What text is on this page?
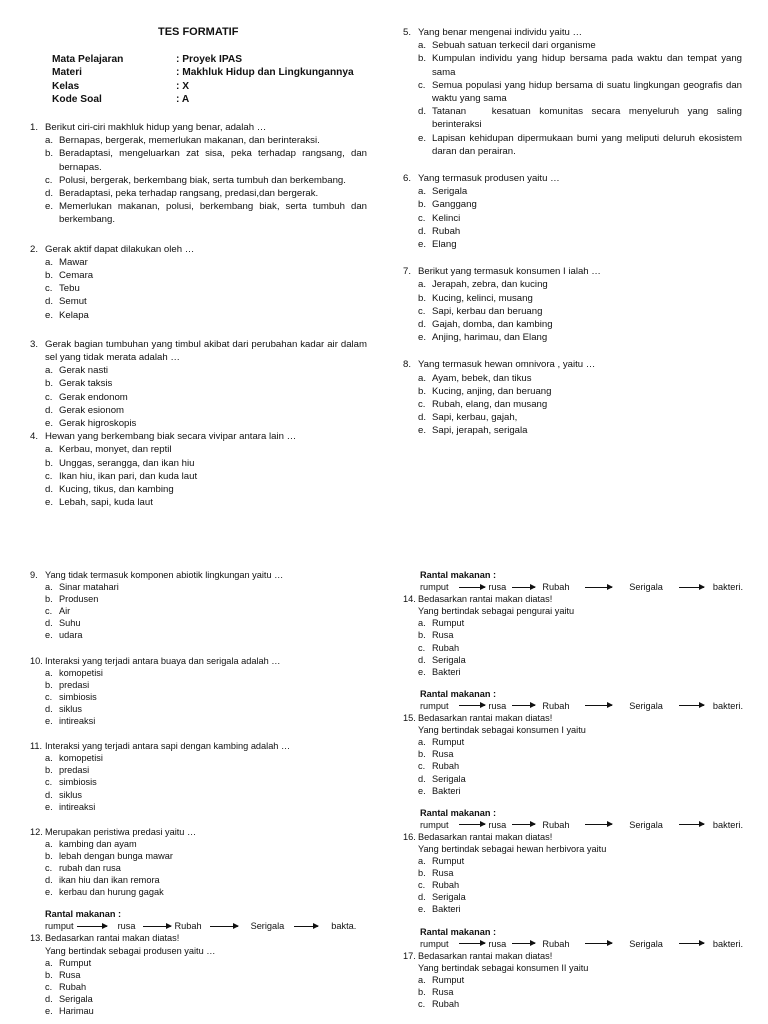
TES FORMATIF
Mata Pelajaran	: Proyek IPAS
Materi	: Makhluk Hidup dan Lingkungannya
Kelas	: X
Kode Soal	: A
1. Berikut ciri-ciri makhluk hidup yang benar, adalah …
a. Bernapas, bergerak, memerlukan makanan, dan berinteraksi.
b. Beradaptasi, mengeluarkan zat sisa, peka terhadap rangsang, dan bernapas.
c. Polusi, bergerak, berkembang biak, serta tumbuh dan berkembang.
d. Beradaptasi, peka terhadap rangsang, predasi,dan bergerak.
e. Memerlukan makanan, polusi, berkembang biak, serta tumbuh dan berkembang.
2. Gerak aktif dapat dilakukan oleh …
a. Mawar
b. Cemara
c. Tebu
d. Semut
e. Kelapa
3. Gerak bagian tumbuhan yang timbul akibat dari perubahan kadar air dalam sel yang tidak merata adalah …
a. Gerak nasti
b. Gerak taksis
c. Gerak endonom
d. Gerak esionom
e. Gerak higroskopis
4. Hewan yang berkembang biak secara vivipar antara lain …
a. Kerbau, monyet, dan reptil
b. Unggas, serangga, dan ikan hiu
c. Ikan hiu, ikan pari, dan kuda laut
d. Kucing, tikus, dan kambing
e. Lebah, sapi, kuda laut
5. Yang benar mengenai individu yaitu …
a. Sebuah satuan terkecil dari organisme
b. Kumpulan individu yang hidup bersama pada waktu dan tempat yang sama
c. Semua populasi yang hidup bersama di suatu lingkungan geografis dan waktu yang sama
d. Tatanan   kesatuan komunitas secara menyeluruh yang saling berinteraksi
e. Lapisan kehidupan dipermukaan bumi yang meliputi deluruh ekosistem daran dan perairan.
6. Yang termasuk produsen yaitu …
a. Serigala
b. Ganggang
c. Kelinci
d. Rubah
e. Elang
7. Berikut yang termasuk konsumen I ialah …
a. Jerapah, zebra, dan kucing
b. Kucing, kelinci, musang
c. Sapi, kerbau dan beruang
d. Gajah, domba, dan kambing
e. Anjing, harimau, dan Elang
8. Yang termasuk hewan omnivora , yaitu …
a. Ayam, bebek, dan tikus
b. Kucing, anjing, dan beruang
c. Rubah, elang, dan musang
d. Sapi, kerbau, gajah,
e. Sapi, jerapah, serigala
9. Yang tidak termasuk komponen abiotik lingkungan yaitu …
a. Sinar matahari
b. Produsen
c. Air
d. Suhu
e. udara
10. Interaksi yang terjadi antara buaya dan serigala adalah …
a. komopetisi
b. predasi
c. simbiosis
d. siklus
e. intireaksi
11. Interaksi yang terjadi antara sapi dengan kambing adalah …
a. komopetisi
b. predasi
c. simbiosis
d. siklus
e. intireaksi
12. Merupakan peristiwa predasi yaitu …
a. kambing dan ayam
b. lebah dengan bunga mawar
c. rubah dan rusa
d. ikan hiu dan ikan remora
e. kerbau dan hurung gagak
Rantal makanan :
rumput	rusa	Rubah	Serigala	bakta.
13. Bedasarkan rantai makan diatas!
Yang bertindak sebagai produsen yaitu …
a. Rumput
b. Rusa
c. Rubah
d. Serigala
e. Harimau
Rantal makanan :
rumput	rusa	Rubah	Serigala	bakteri.
14. Bedasarkan rantai makan diatas!
Yang bertindak sebagai pengurai yaitu
a. Rumput
b. Rusa
c. Rubah
d. Serigala
e. Bakteri
Rantal makanan :
rumput	rusa	Rubah	Serigala	bakteri.
15. Bedasarkan rantai makan diatas!
Yang bertindak sebagai konsumen I yaitu
a. Rumput
b. Rusa
c. Rubah
d. Serigala
e. Bakteri
Rantal makanan :
rumput	rusa	Rubah	Serigala	bakteri.
16. Bedasarkan rantai makan diatas!
Yang bertindak sebagai hewan herbivora yaitu
a. Rumput
b. Rusa
c. Rubah
d. Serigala
e. Bakteri
Rantal makanan :
rumput	rusa	Rubah	Serigala	bakteri.
17. Bedasarkan rantai makan diatas!
Yang bertindak sebagai konsumen II yaitu
a. Rumput
b. Rusa
c. Rubah
